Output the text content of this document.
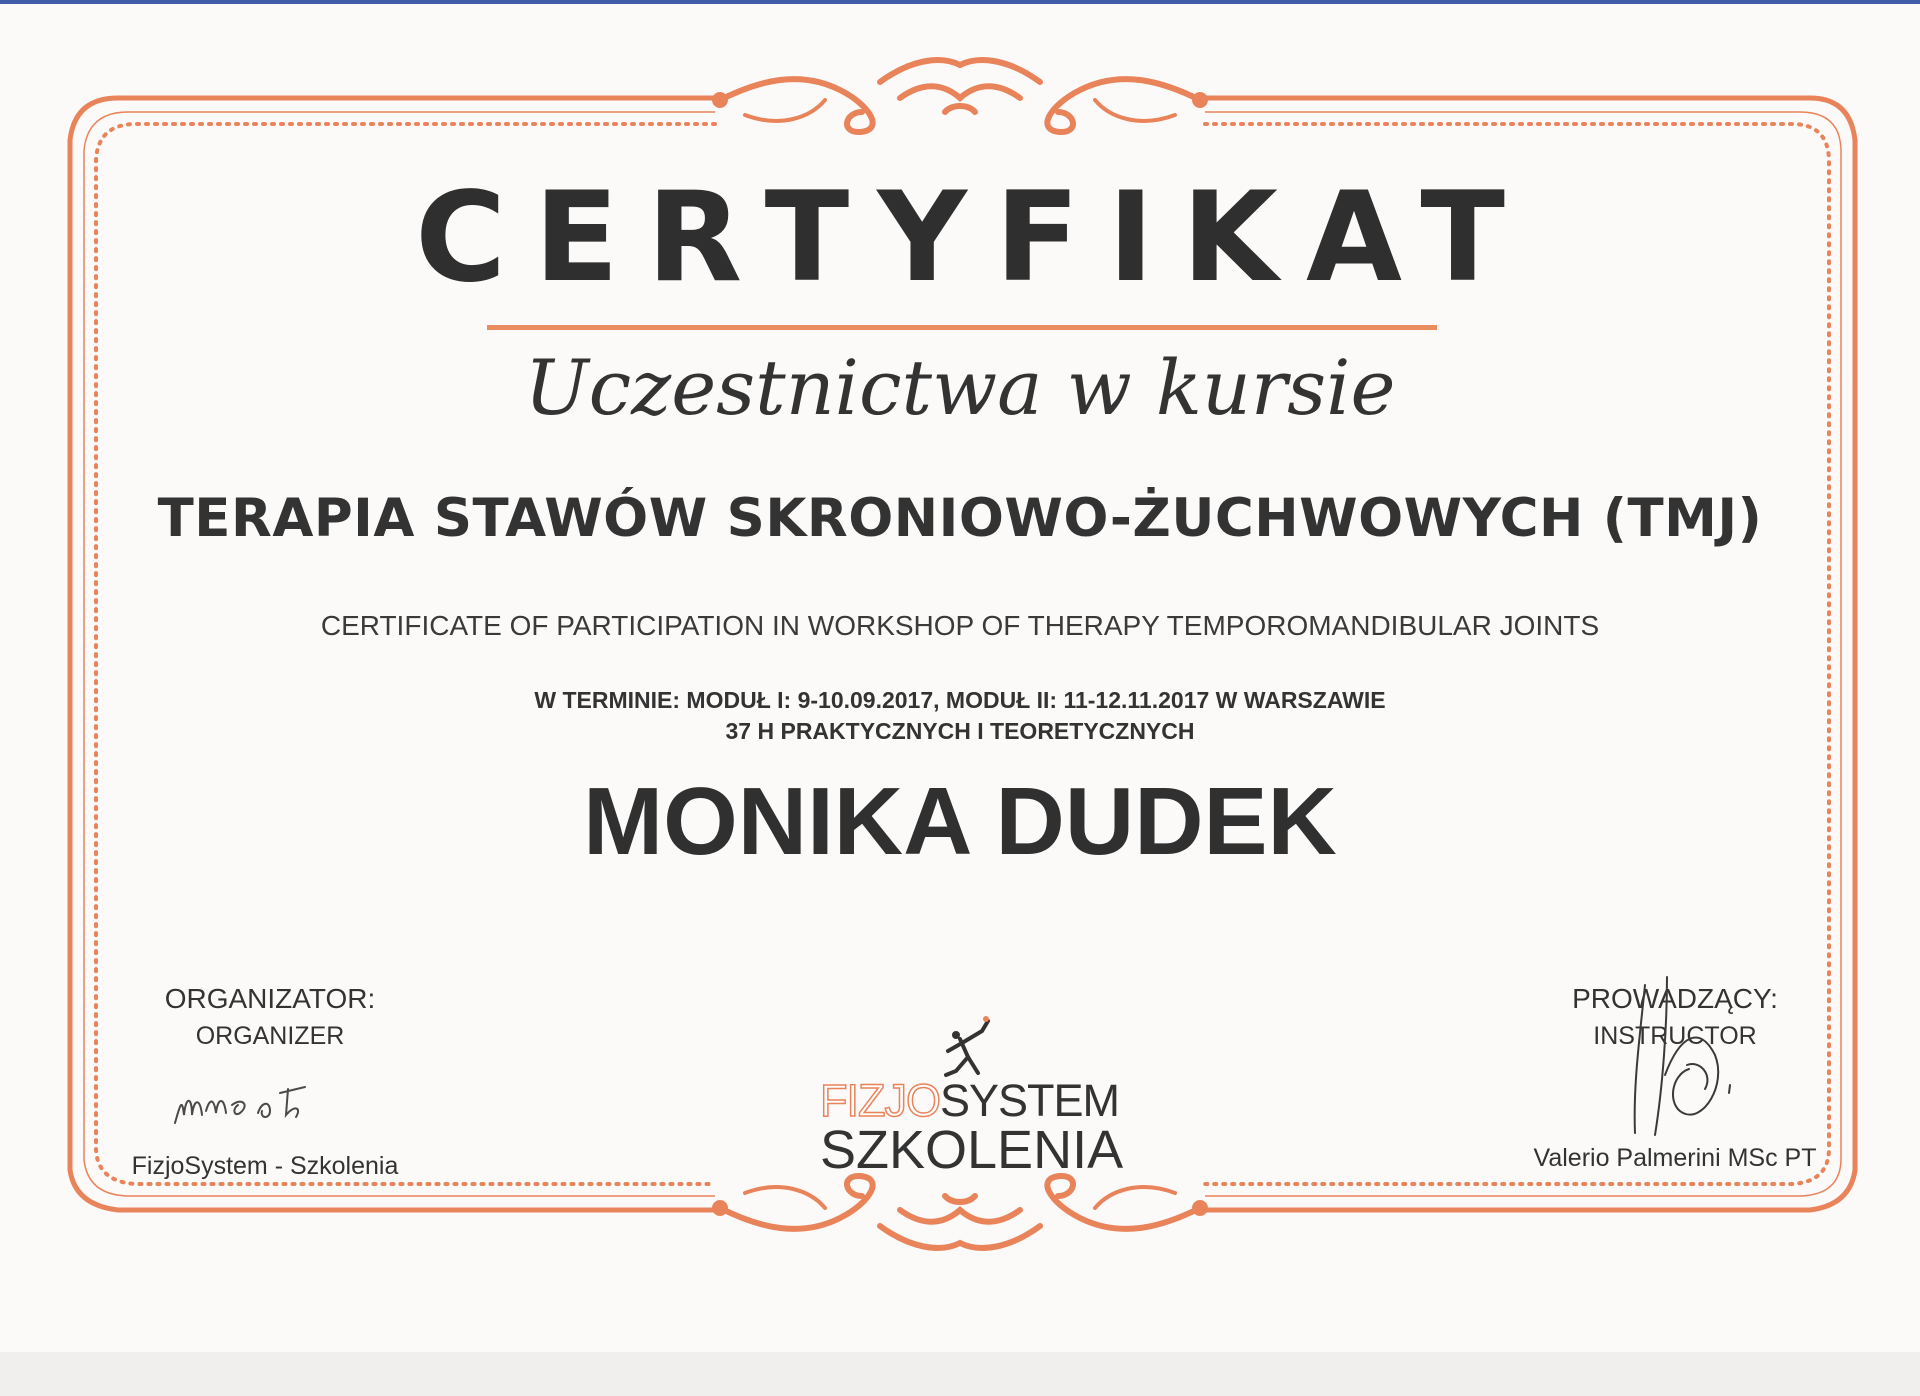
CERTYFIKAT
Uczestnictwa w kursie
TERAPIA STAWÓW SKRONIOWO-ŻUCHWOWYCH (TMJ)
CERTIFICATE OF PARTICIPATION IN WORKSHOP OF THERAPY TEMPOROMANDIBULAR JOINTS
W TERMINIE: MODUŁ I: 9-10.09.2017, MODUŁ II: 11-12.11.2017 W WARSZAWIE
37 H PRAKTYCZNYCH I TEORETYCZNYCH
MONIKA DUDEK
ORGANIZATOR:
ORGANIZER
FizjoSystem - Szkolenia
FIZJOSYSTEM
SZKOLENIA
PROWADZĄCY:
INSTRUCTOR
Valerio Palmerini MSc PT
